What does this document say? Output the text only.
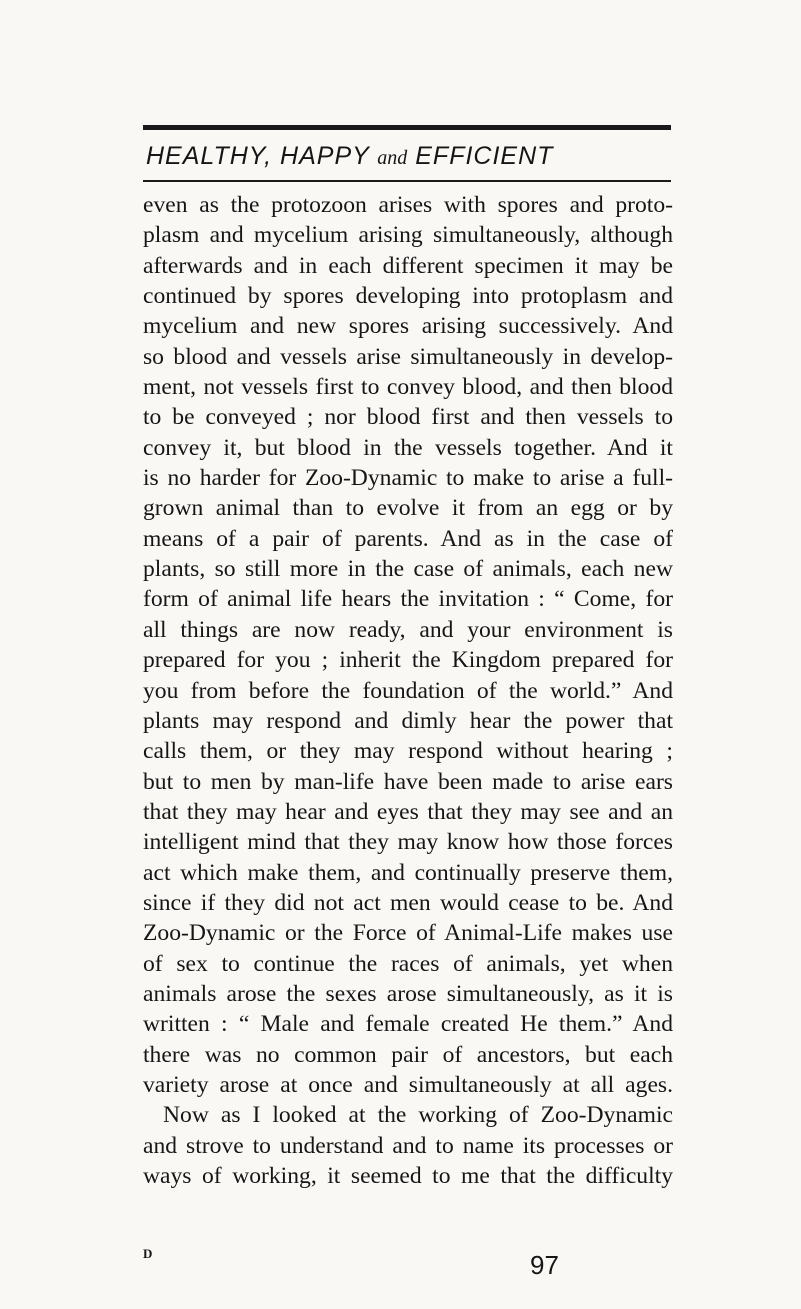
HEALTHY, HAPPY and EFFICIENT
even as the protozoon arises with spores and proto-
plasm and mycelium arising simultaneously, although
afterwards and in each different specimen it may be
continued by spores developing into protoplasm and
mycelium and new spores arising successively. And
so blood and vessels arise simultaneously in develop-
ment, not vessels first to convey blood, and then blood
to be conveyed ; nor blood first and then vessels to
convey it, but blood in the vessels together. And it
is no harder for Zoo-Dynamic to make to arise a full-
grown animal than to evolve it from an egg or by
means of a pair of parents. And as in the case of
plants, so still more in the case of animals, each new
form of animal life hears the invitation : “ Come, for
all things are now ready, and your environment is
prepared for you ; inherit the Kingdom prepared for
you from before the foundation of the world.” And
plants may respond and dimly hear the power that
calls them, or they may respond without hearing ;
but to men by man-life have been made to arise ears
that they may hear and eyes that they may see and an
intelligent mind that they may know how those forces
act which make them, and continually preserve them,
since if they did not act men would cease to be. And
Zoo-Dynamic or the Force of Animal-Life makes use
of sex to continue the races of animals, yet when
animals arose the sexes arose simultaneously, as it is
written : “ Male and female created He them.” And
there was no common pair of ancestors, but each
variety arose at once and simultaneously at all ages.
Now as I looked at the working of Zoo-Dynamic
and strove to understand and to name its processes or
ways of working, it seemed to me that the difficulty
D	97
